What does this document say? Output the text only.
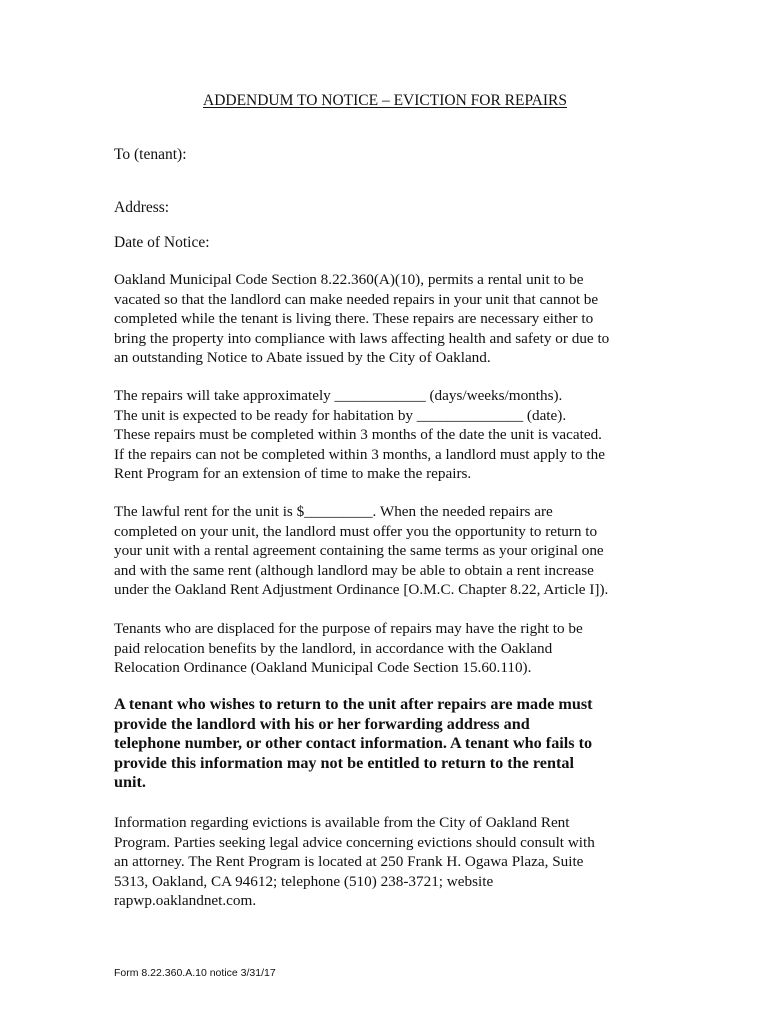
ADDENDUM TO NOTICE – EVICTION FOR REPAIRS

To (tenant):

Address:

Date of Notice:

Oakland Municipal Code Section 8.22.360(A)(10), permits a rental unit to be
vacated so that the landlord can make needed repairs in your unit that cannot be
completed while the tenant is living there. These repairs are necessary either to
bring the property into compliance with laws affecting health and safety or due to
an outstanding Notice to Abate issued by the City of Oakland.
The repairs will take approximately ____________ (days/weeks/months).
The unit is expected to be ready for habitation by ______________ (date).
These repairs must be completed within 3 months of the date the unit is vacated.
If the repairs can not be completed within 3 months, a landlord must apply to the
Rent Program for an extension of time to make the repairs.
The lawful rent for the unit is $_________. When the needed repairs are
completed on your unit, the landlord must offer you the opportunity to return to
your unit with a rental agreement containing the same terms as your original one
and with the same rent (although landlord may be able to obtain a rent increase
under the Oakland Rent Adjustment Ordinance [O.M.C. Chapter 8.22, Article I]).
Tenants who are displaced for the purpose of repairs may have the right to be
paid relocation benefits by the landlord, in accordance with the Oakland
Relocation Ordinance (Oakland Municipal Code Section 15.60.110).
A tenant who wishes to return to the unit after repairs are made must
provide the landlord with his or her forwarding address and
telephone number, or other contact information. A tenant who fails to
provide this information may not be entitled to return to the rental
unit.
Information regarding evictions is available from the City of Oakland Rent
Program. Parties seeking legal advice concerning evictions should consult with
an attorney. The Rent Program is located at 250 Frank H. Ogawa Plaza, Suite
5313, Oakland, CA 94612; telephone (510) 238-3721; website
rapwp.oaklandnet.com.

Form 8.22.360.A.10 notice 3/31/17
